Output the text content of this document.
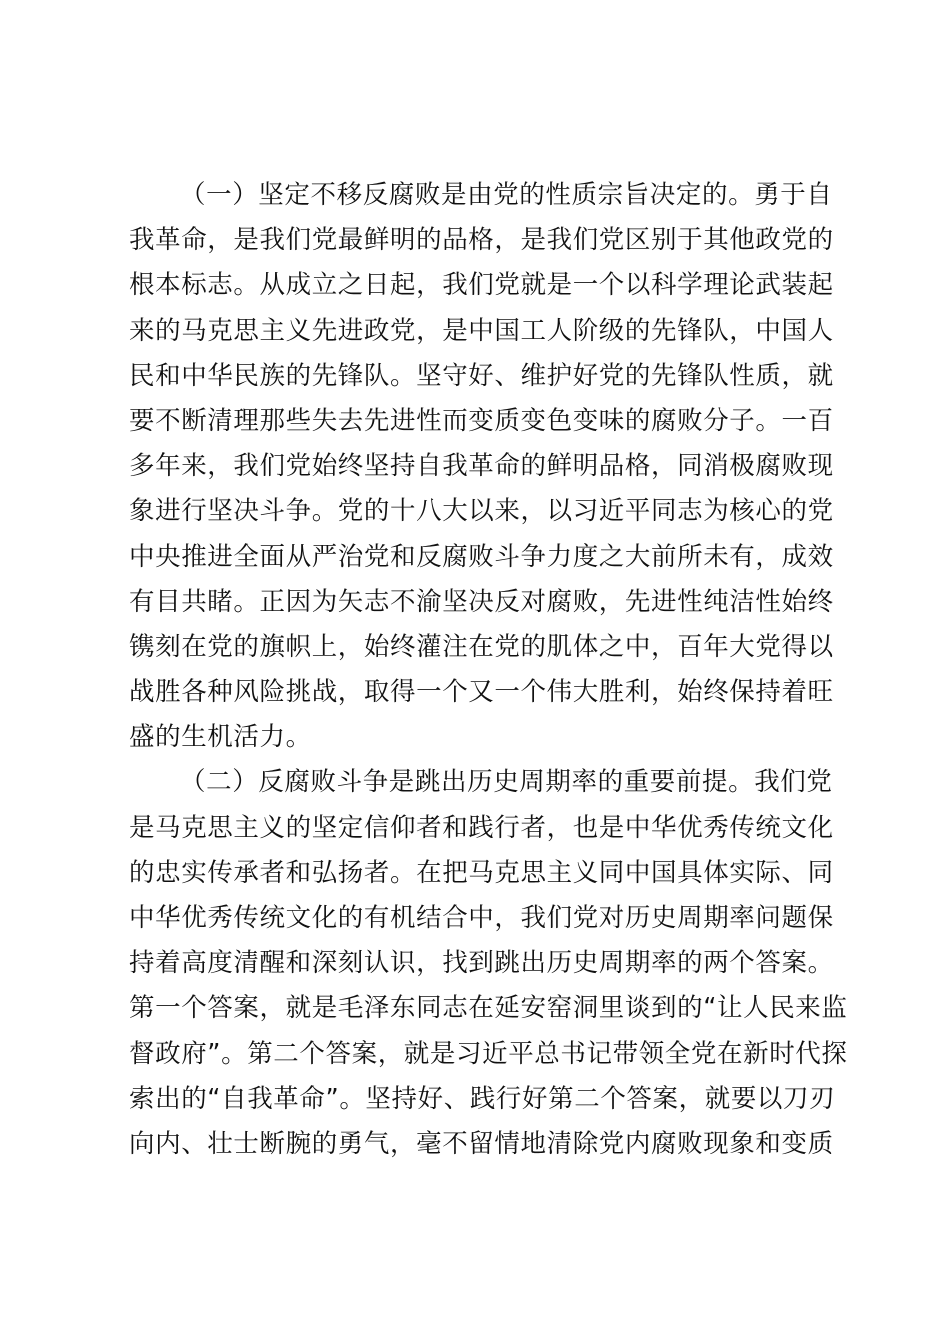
（一）坚定不移反腐败是由党的性质宗旨决定的。勇于自
我革命，是我们党最鲜明的品格，是我们党区别于其他政党的
根本标志。从成立之日起，我们党就是一个以科学理论武装起
来的马克思主义先进政党，是中国工人阶级的先锋队，中国人
民和中华民族的先锋队。坚守好、维护好党的先锋队性质，就
要不断清理那些失去先进性而变质变色变味的腐败分子。一百
多年来，我们党始终坚持自我革命的鲜明品格，同消极腐败现
象进行坚决斗争。党的十八大以来，以习近平同志为核心的党
中央推进全面从严治党和反腐败斗争力度之大前所未有，成效
有目共睹。正因为矢志不渝坚决反对腐败，先进性纯洁性始终
镌刻在党的旗帜上，始终灌注在党的肌体之中，百年大党得以
战胜各种风险挑战，取得一个又一个伟大胜利，始终保持着旺
盛的生机活力。
（二）反腐败斗争是跳出历史周期率的重要前提。我们党
是马克思主义的坚定信仰者和践行者，也是中华优秀传统文化
的忠实传承者和弘扬者。在把马克思主义同中国具体实际、同
中华优秀传统文化的有机结合中，我们党对历史周期率问题保
持着高度清醒和深刻认识，找到跳出历史周期率的两个答案。
第一个答案，就是毛泽东同志在延安窑洞里谈到的“让人民来监
督政府”。第二个答案，就是习近平总书记带领全党在新时代探
索出的“自我革命”。坚持好、践行好第二个答案，就要以刀刃
向内、壮士断腕的勇气，毫不留情地清除党内腐败现象和变质
